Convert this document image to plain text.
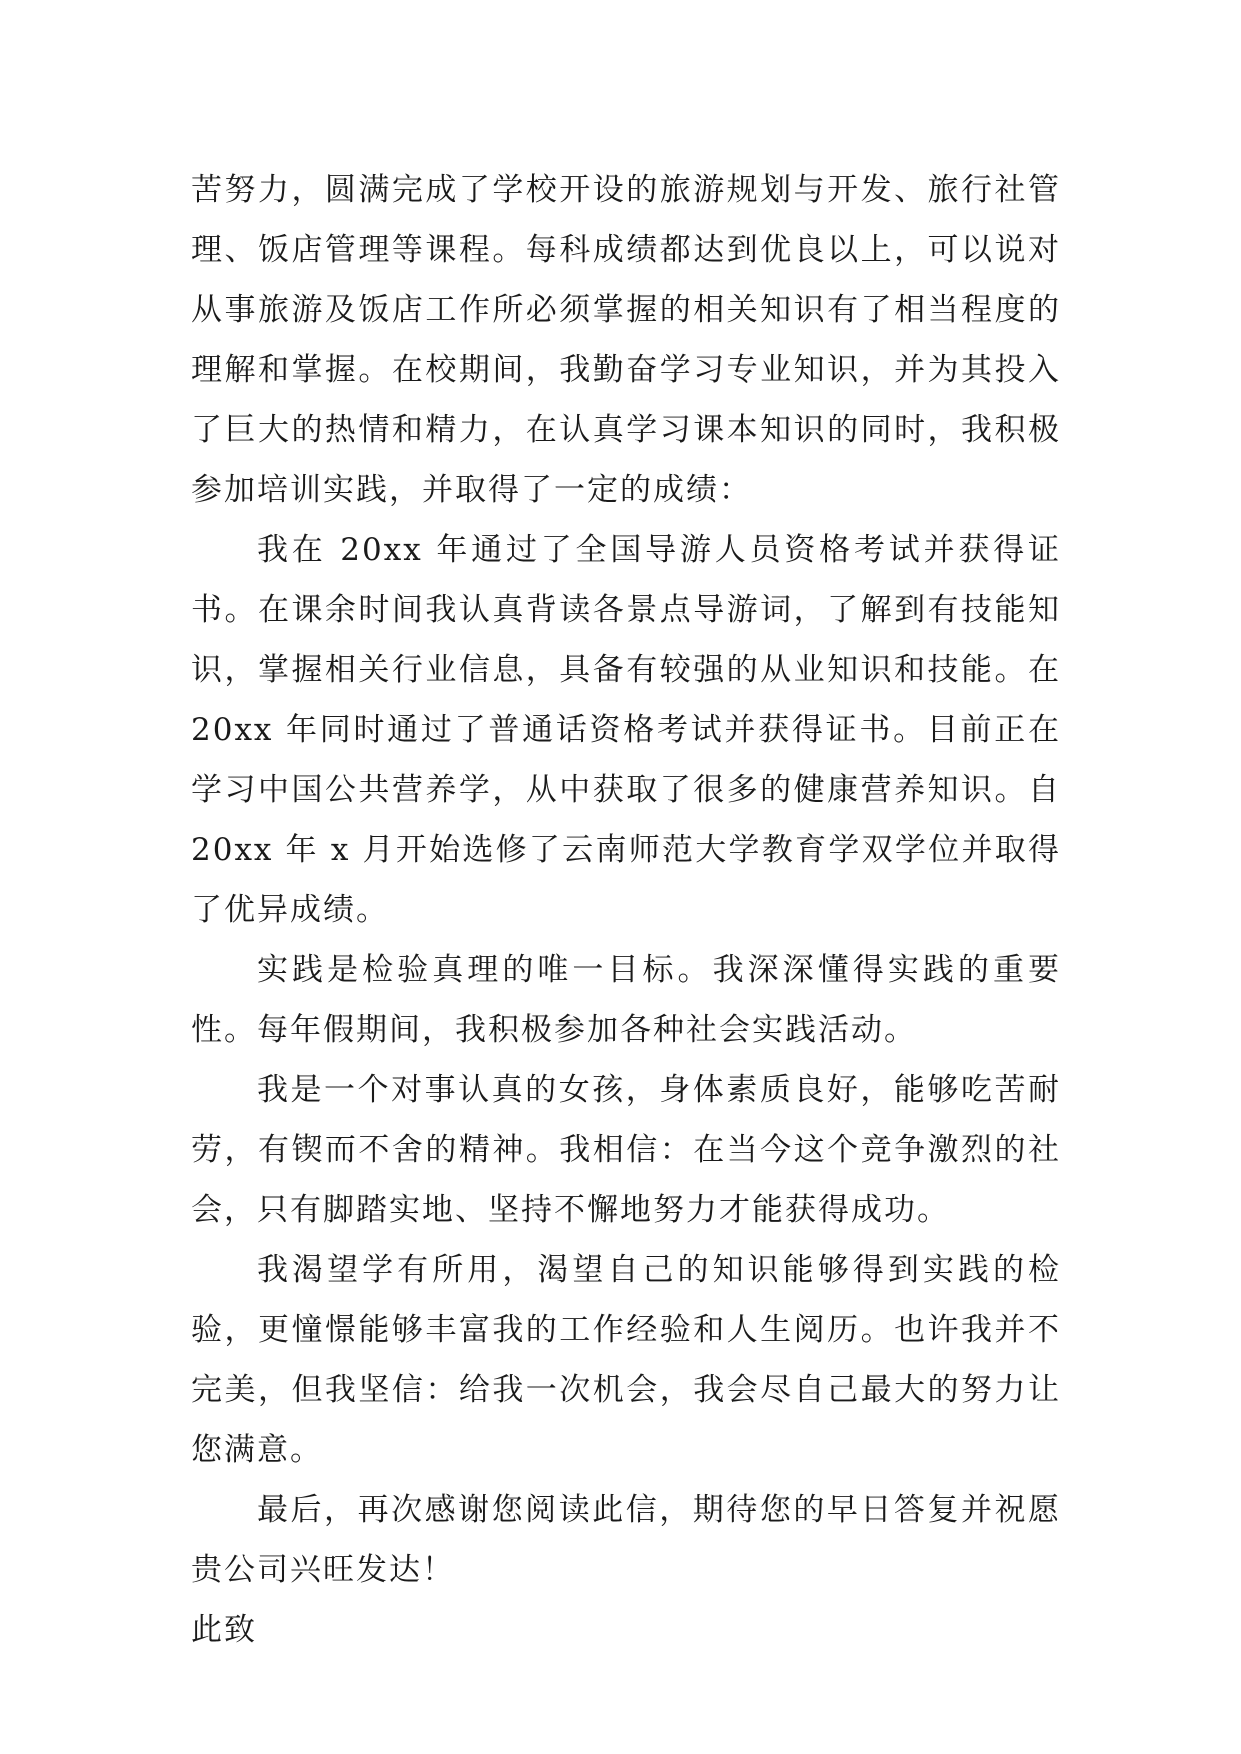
苦努力，圆满完成了学校开设的旅游规划与开发、旅行社管理、饭店管理等课程。每科成绩都达到优良以上，可以说对从事旅游及饭店工作所必须掌握的相关知识有了相当程度的理解和掌握。在校期间，我勤奋学习专业知识，并为其投入了巨大的热情和精力，在认真学习课本知识的同时，我积极参加培训实践，并取得了一定的成绩：

我在 20xx 年通过了全国导游人员资格考试并获得证书。在课余时间我认真背读各景点导游词，了解到有技能知识，掌握相关行业信息，具备有较强的从业知识和技能。在 20xx 年同时通过了普通话资格考试并获得证书。目前正在学习中国公共营养学，从中获取了很多的健康营养知识。自 20xx 年 x 月开始选修了云南师范大学教育学双学位并取得了优异成绩。

实践是检验真理的唯一目标。我深深懂得实践的重要性。每年假期间，我积极参加各种社会实践活动。

我是一个对事认真的女孩，身体素质良好，能够吃苦耐劳，有锲而不舍的精神。我相信：在当今这个竞争激烈的社会，只有脚踏实地、坚持不懈地努力才能获得成功。

我渴望学有所用，渴望自己的知识能够得到实践的检验，更憧憬能够丰富我的工作经验和人生阅历。也许我并不完美，但我坚信：给我一次机会，我会尽自己最大的努力让您满意。

最后，再次感谢您阅读此信，期待您的早日答复并祝愿贵公司兴旺发达！

此致
